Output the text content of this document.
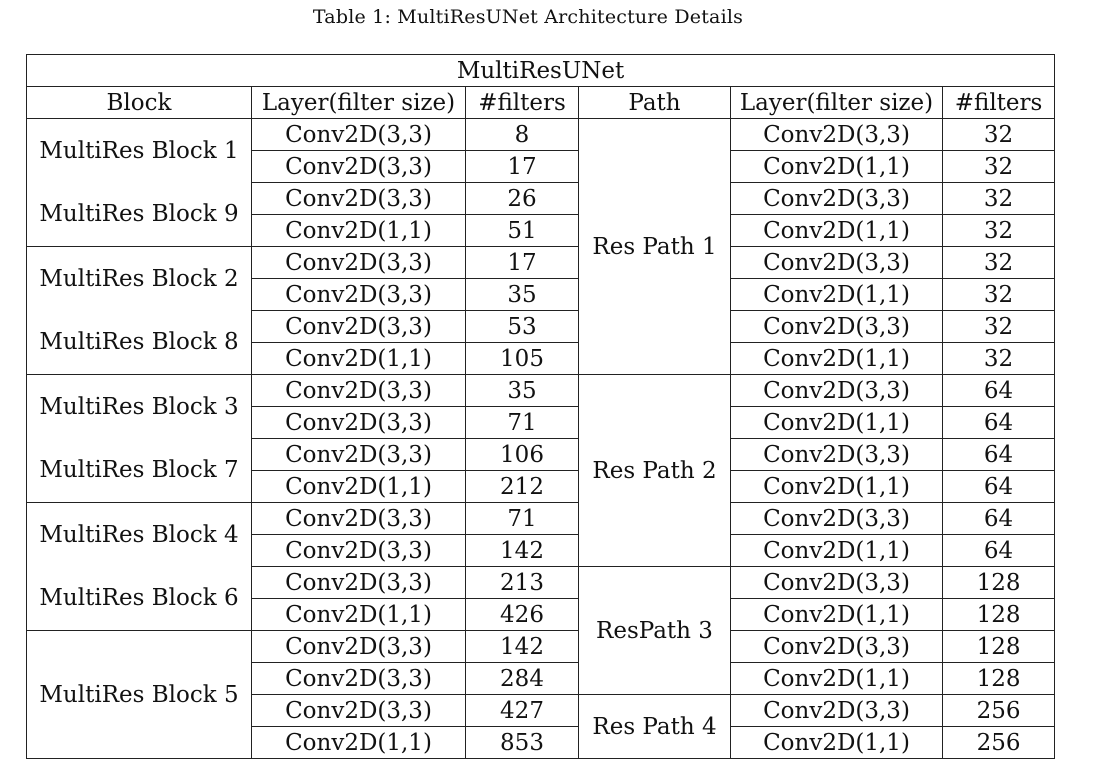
Table 1: MultiResUNet Architecture Details
MultiResUNet					
Block	Layer(filter size)	#filters	Path	Layer(filter size)	#filters
MultiRes Block 1	Conv2D(3,3)	8	Res Path 1	Conv2D(3,3)	32
	Conv2D(3,3)	17		Conv2D(1,1)	32
MultiRes Block 9	Conv2D(3,3)	26		Conv2D(3,3)	32
	Conv2D(1,1)	51		Conv2D(1,1)	32
MultiRes Block 2	Conv2D(3,3)	17		Conv2D(3,3)	32
	Conv2D(3,3)	35		Conv2D(1,1)	32
MultiRes Block 8	Conv2D(3,3)	53		Conv2D(3,3)	32
	Conv2D(1,1)	105		Conv2D(1,1)	32
MultiRes Block 3	Conv2D(3,3)	35	Res Path 2	Conv2D(3,3)	64
	Conv2D(3,3)	71		Conv2D(1,1)	64
MultiRes Block 7	Conv2D(3,3)	106		Conv2D(3,3)	64
	Conv2D(1,1)	212		Conv2D(1,1)	64
MultiRes Block 4	Conv2D(3,3)	71		Conv2D(3,3)	64
	Conv2D(3,3)	142		Conv2D(1,1)	64
MultiRes Block 6	Conv2D(3,3)	213	ResPath 3	Conv2D(3,3)	128
	Conv2D(1,1)	426		Conv2D(1,1)	128
MultiRes Block 5	Conv2D(3,3)	142		Conv2D(3,3)	128
	Conv2D(3,3)	284		Conv2D(1,1)	128
	Conv2D(3,3)	427	Res Path 4	Conv2D(3,3)	256
	Conv2D(1,1)	853		Conv2D(1,1)	256
